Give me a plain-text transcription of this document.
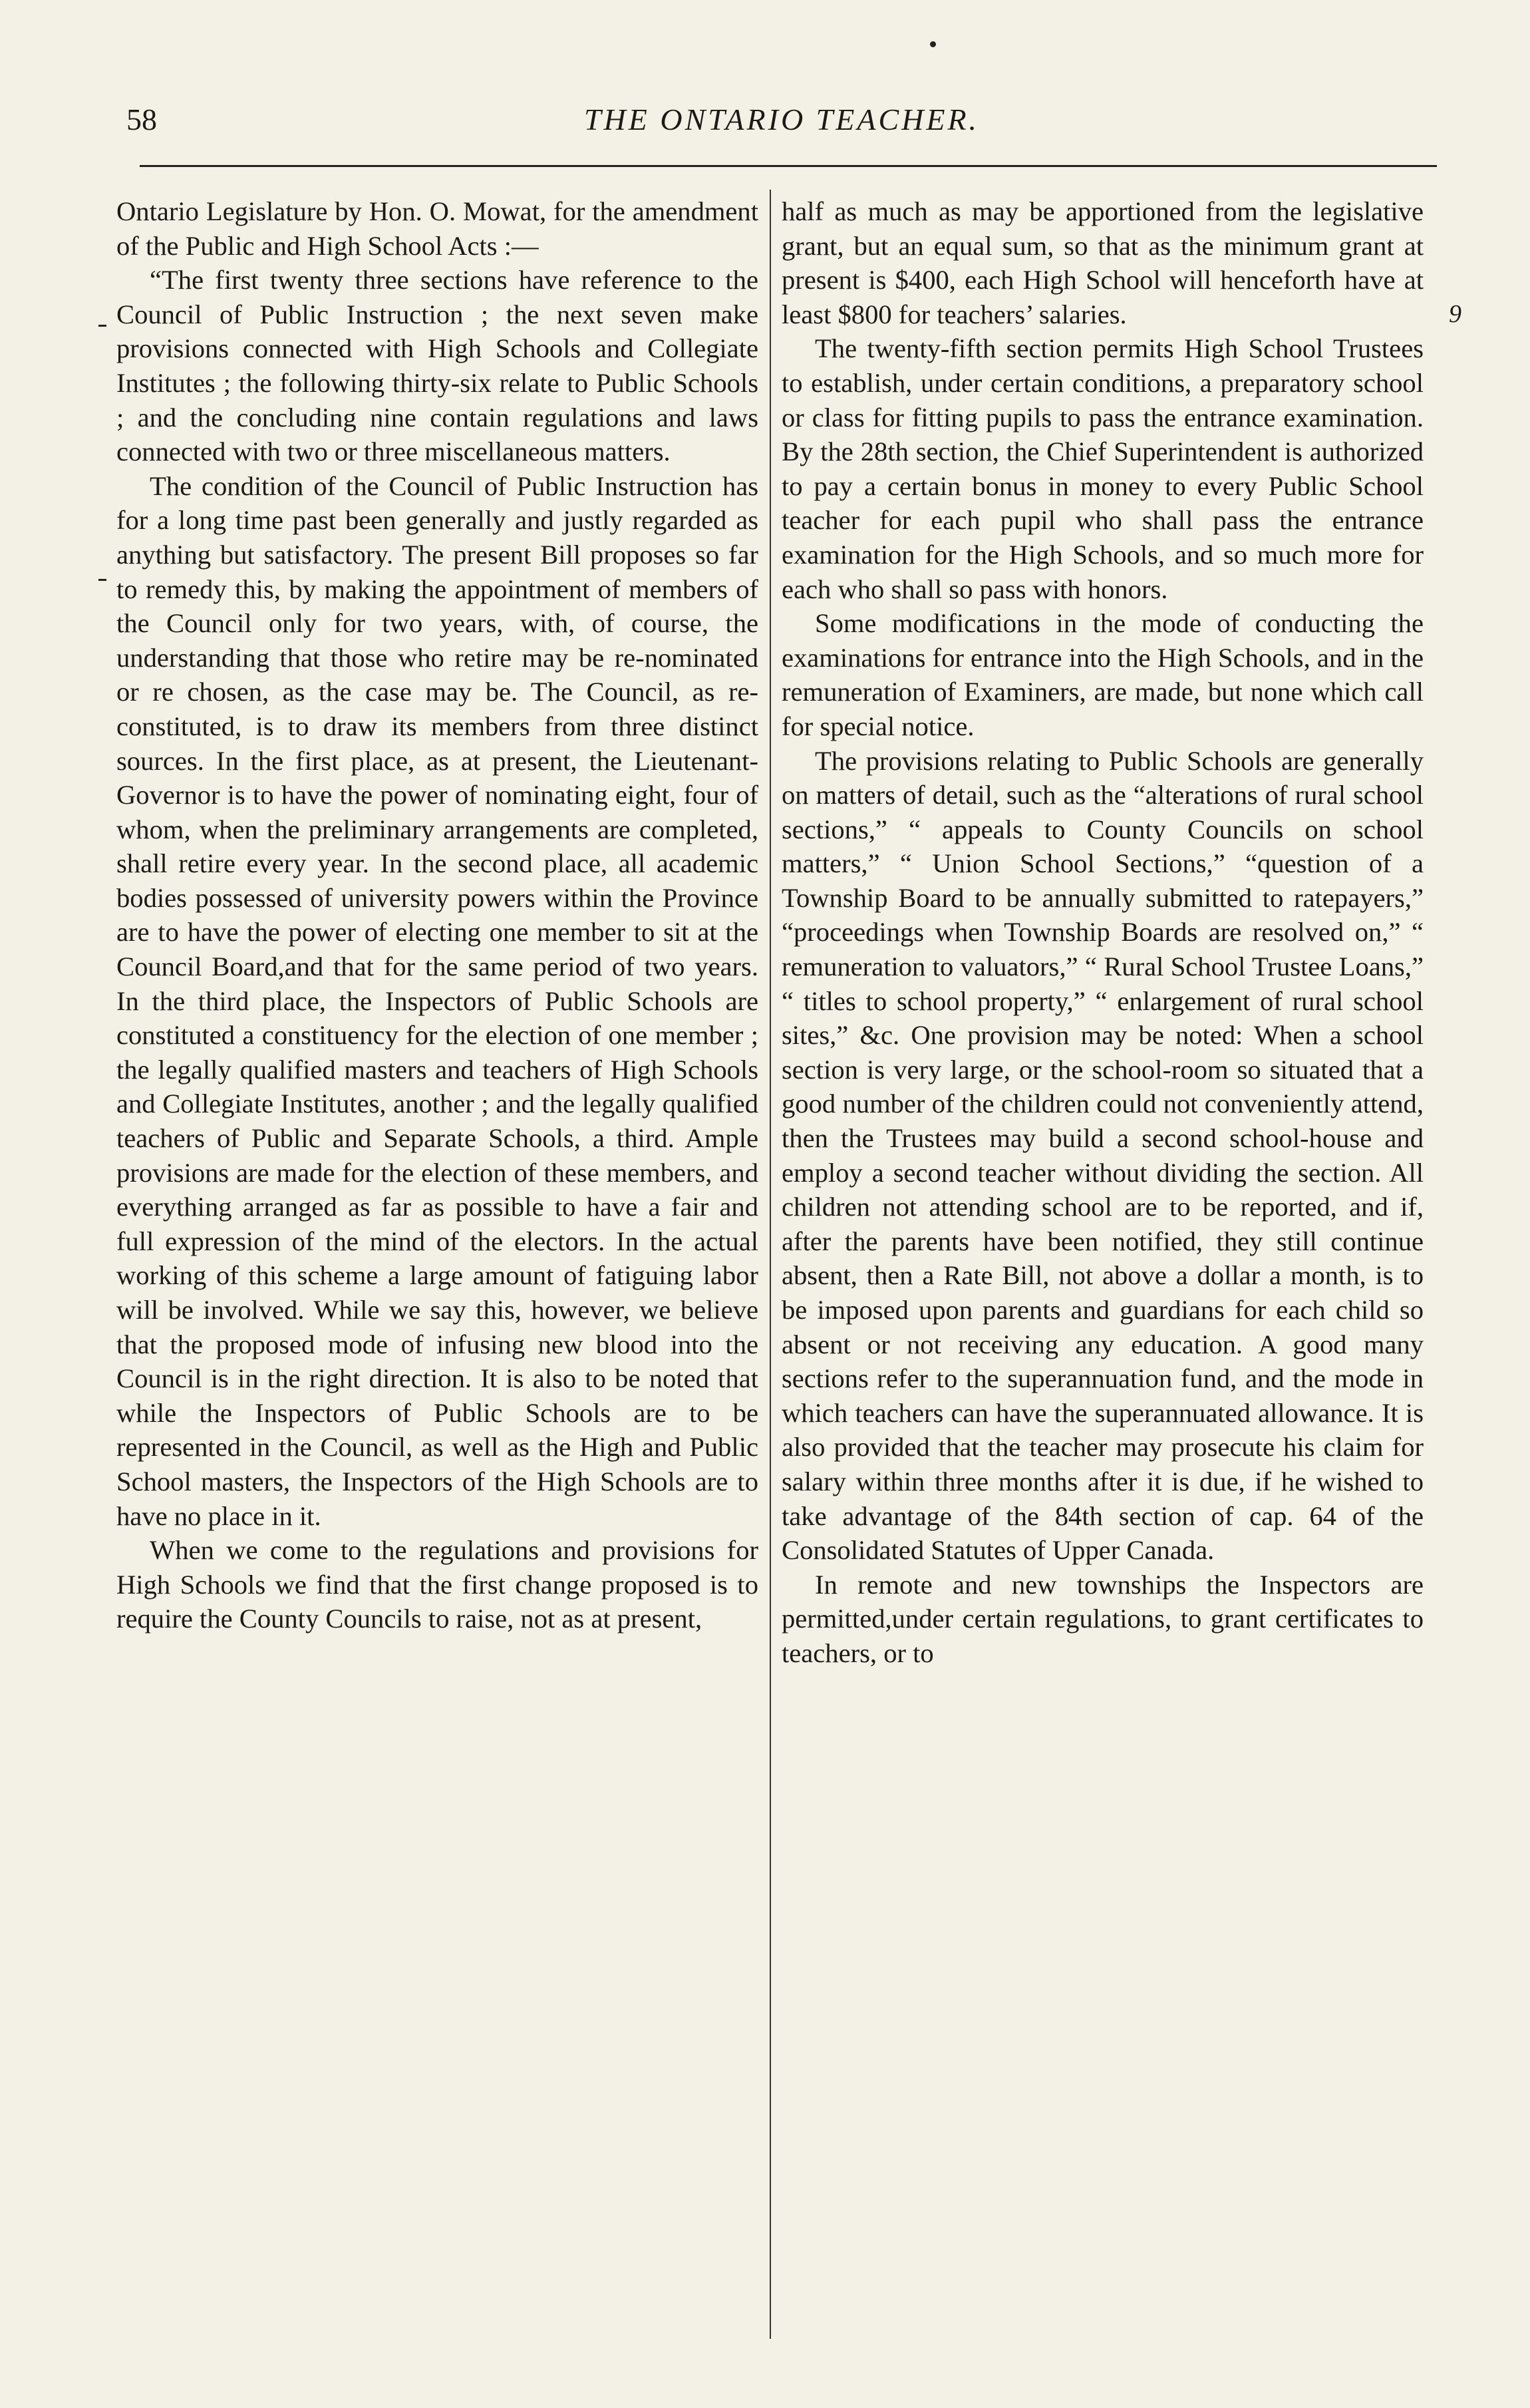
58	THE ONTARIO TEACHER.

Ontario Legislature by Hon. O. Mowat, for the amendment of the Public and High School Acts :—

“The first twenty three sections have reference to the Council of Public Instruction ; the next seven make provisions connected with High Schools and Collegiate Institutes ; the following thirty-six relate to Public Schools ; and the concluding nine contain regulations and laws connected with two or three miscellaneous matters.

The condition of the Council of Public Instruction has for a long time past been generally and justly regarded as anything but satisfactory. The present Bill proposes so far to remedy this, by making the appointment of members of the Council only for two years, with, of course, the understanding that those who retire may be re-nominated or re chosen, as the case may be. The Council, as re-constituted, is to draw its members from three distinct sources. In the first place, as at present, the Lieutenant-Governor is to have the power of nominating eight, four of whom, when the preliminary arrangements are completed, shall retire every year. In the second place, all academic bodies possessed of university powers within the Province are to have the power of electing one member to sit at the Council Board,and that for the same period of two years. In the third place, the Inspectors of Public Schools are constituted a constituency for the election of one member ; the legally qualified masters and teachers of High Schools and Collegiate Institutes, another ; and the legally qualified teachers of Public and Separate Schools, a third. Ample provisions are made for the election of these members, and everything arranged as far as possible to have a fair and full expression of the mind of the electors. In the actual working of this scheme a large amount of fatiguing labor will be involved. While we say this, however, we believe that the proposed mode of infusing new blood into the Council is in the right direction. It is also to be noted that while the Inspectors of Public Schools are to be represented in the Council, as well as the High and Public School masters, the Inspectors of the High Schools are to have no place in it.

When we come to the regulations and provisions for High Schools we find that the first change proposed is to require the County Councils to raise, not as at present,

half as much as may be apportioned from the legislative grant, but an equal sum, so that as the minimum grant at present is $400, each High School will henceforth have at least $800 for teachers’ salaries.

The twenty-fifth section permits High School Trustees to establish, under certain conditions, a preparatory school or class for fitting pupils to pass the entrance examination. By the 28th section, the Chief Superintendent is authorized to pay a certain bonus in money to every Public School teacher for each pupil who shall pass the entrance examination for the High Schools, and so much more for each who shall so pass with honors.

Some modifications in the mode of conducting the examinations for entrance into the High Schools, and in the remuneration of Examiners, are made, but none which call for special notice.

The provisions relating to Public Schools are generally on matters of detail, such as the “alterations of rural school sections,” “ appeals to County Councils on school matters,” “ Union School Sections,” “question of a Township Board to be annually submitted to ratepayers,” “proceedings when Township Boards are resolved on,” “ remuneration to valuators,” “ Rural School Trustee Loans,” “ titles to school property,” “ enlargement of rural school sites,” &c. One provision may be noted: When a school section is very large, or the school-room so situated that a good number of the children could not conveniently attend, then the Trustees may build a second school-house and employ a second teacher without dividing the section. All children not attending school are to be reported, and if, after the parents have been notified, they still continue absent, then a Rate Bill, not above a dollar a month, is to be imposed upon parents and guardians for each child so absent or not receiving any education. A good many sections refer to the superannuation fund, and the mode in which teachers can have the superannuated allowance. It is also provided that the teacher may prosecute his claim for salary within three months after it is due, if he wished to take advantage of the 84th section of cap. 64 of the Consolidated Statutes of Upper Canada.

In remote and new townships the Inspectors are permitted,under certain regulations, to grant certificates to teachers, or to

9
